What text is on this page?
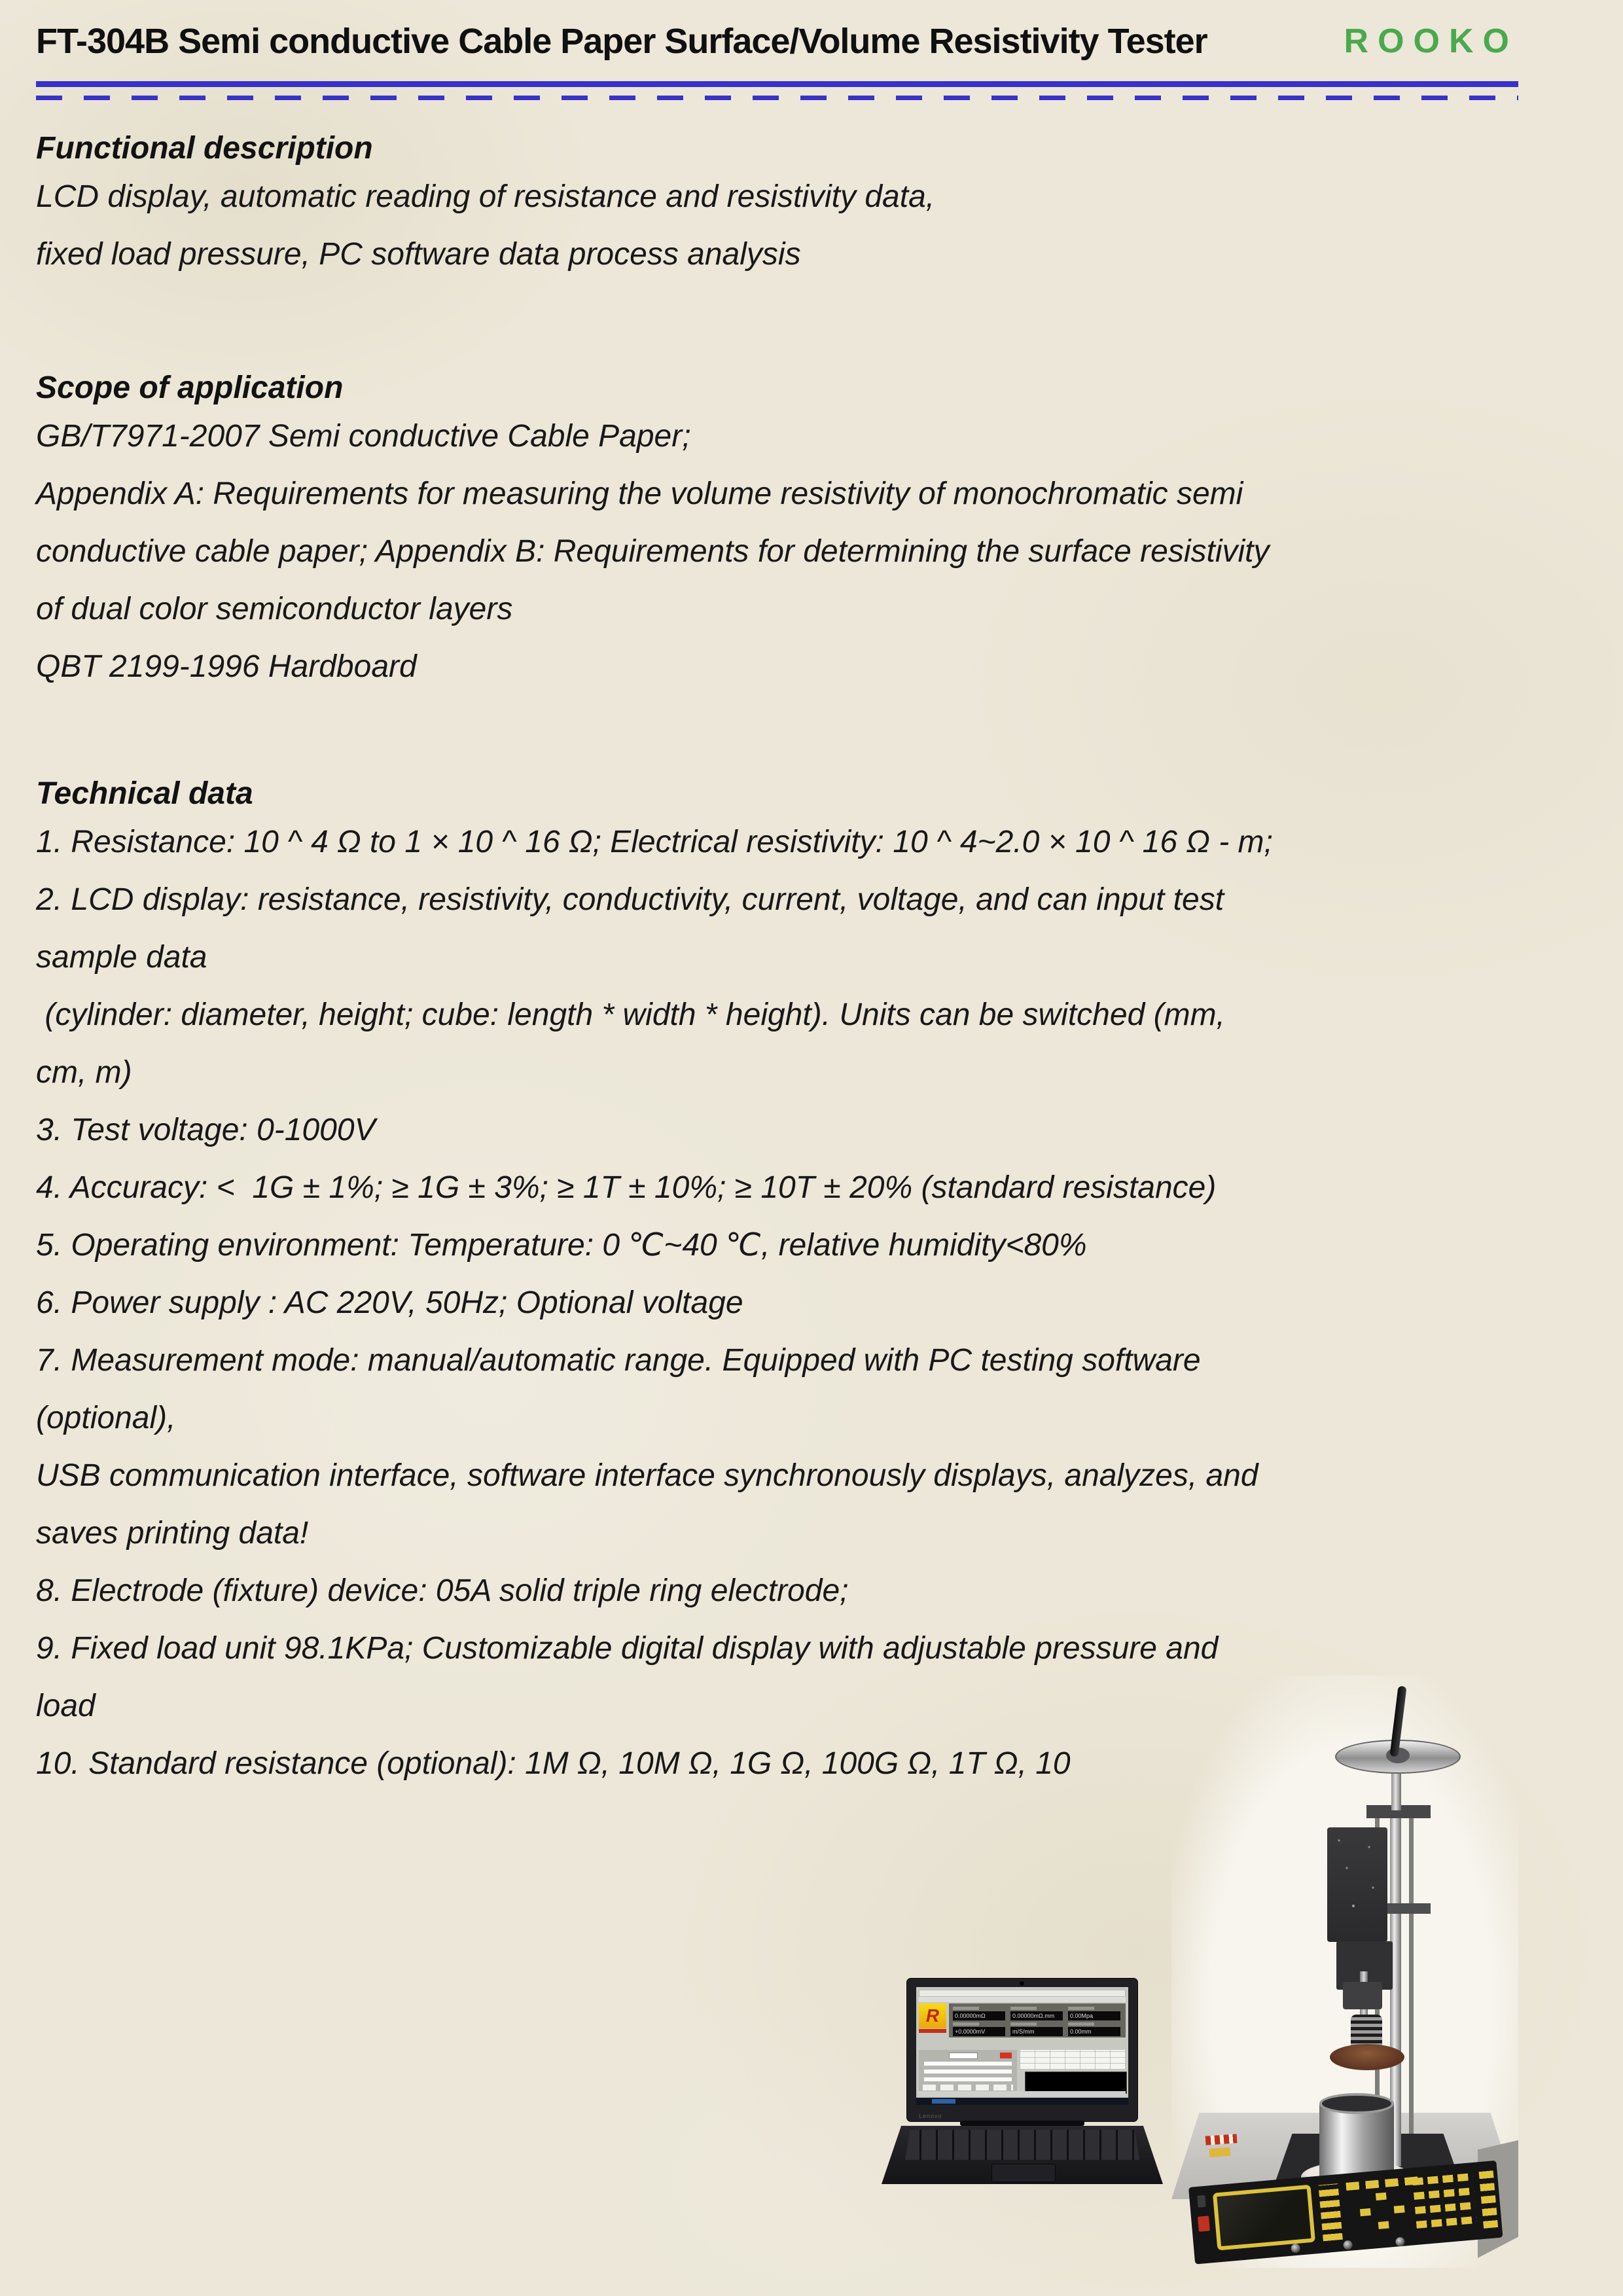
FT-304B Semi conductive Cable Paper Surface/Volume Resistivity Tester	ROOKO
Functional description
LCD display, automatic reading of resistance and resistivity data,
fixed load pressure, PC software data process analysis
Scope of application
GB/T7971-2007 Semi conductive Cable Paper;
Appendix A: Requirements for measuring the volume resistivity of monochromatic semi
conductive cable paper; Appendix B: Requirements for determining the surface resistivity
of dual color semiconductor layers
QBT 2199-1996 Hardboard
Technical data
1. Resistance: 10 ^ 4 Ω to 1 × 10 ^ 16 Ω; Electrical resistivity: 10 ^ 4~2.0 × 10 ^ 16 Ω - m;
2. LCD display: resistance, resistivity, conductivity, current, voltage, and can input test
sample data
(cylinder: diameter, height; cube: length * width * height). Units can be switched (mm,
cm, m)
3. Test voltage: 0-1000V
4. Accuracy: <  1G ± 1%; ≥ 1G ± 3%; ≥ 1T ± 10%; ≥ 10T ± 20% (standard resistance)
5. Operating environment: Temperature: 0 ℃~40 ℃, relative humidity<80%
6. Power supply : AC 220V, 50Hz; Optional voltage
7. Measurement mode: manual/automatic range. Equipped with PC testing software
(optional),
USB communication interface, software interface synchronously displays, analyzes, and
saves printing data!
8. Electrode (fixture) device: 05A solid triple ring electrode;
9. Fixed load unit 98.1KPa; Customizable digital display with adjustable pressure and
load
10. Standard resistance (optional): 1M Ω, 10M Ω, 1G Ω, 100G Ω, 1T Ω, 10
R	0.00000mΩ	0.00000mΩ.mm	0.00Mpa
+0.0000mV	m/S/mm	0.00mm
Lenovo
